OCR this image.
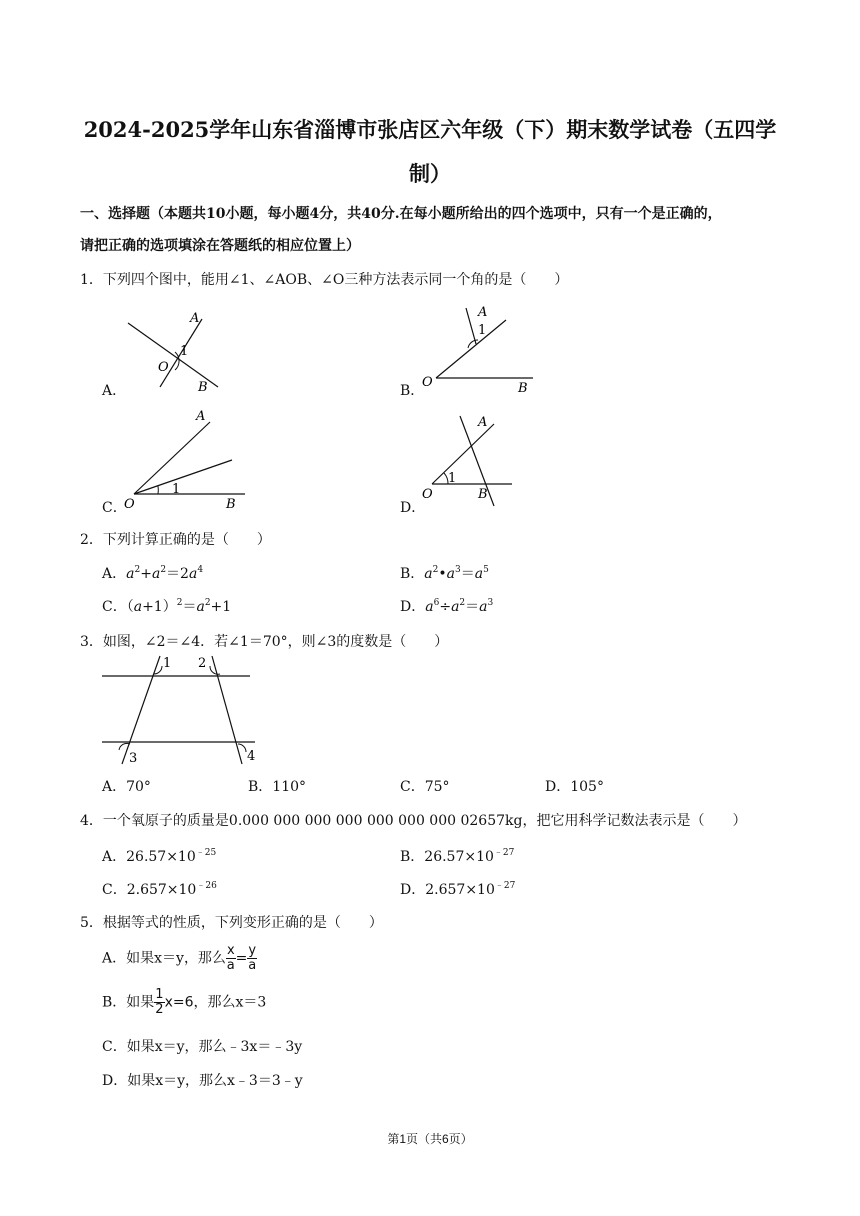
2024-2025学年山东省淄博市张店区六年级（下）期末数学试卷（五四学
制）
一、选择题（本题共10小题，每小题4分，共40分.在每小题所给出的四个选项中，只有一个是正确的，
请把正确的选项填涂在答题纸的相应位置上）
1．下列四个图中，能用∠1、∠AOB、∠O三种方法表示同一个角的是（　　）
A．
A
1
O
B	B．
A
1
O	B
C．
A
1
O	B	D．
A
1
O	B
2．下列计算正确的是（　　）
A．$a^2+a^2=2a^4$	B．$a^2•a^3=a^5$
C．$(a+1)^2=a^2+1$	D．$a^6\div a^2=a^3$
3．如图，∠2＝∠4．若∠1＝70°，则∠3的度数是（　　）
1 2
3	4
A．70°	B．110°	C．75°	D．105°
4．一个氧原子的质量是0.000 000 000 000 000 000 000 02657kg，把它用科学记数法表示是（　　）
A．$26.57\times 10^{﹣25}$	B．$26.57\times 10^{﹣27}$
C．$2.657\times 10^{﹣26}$	D．$2.657\times 10^{﹣27}$
5．根据等式的性质，下列变形正确的是（　　）
A．如果x＝y，那么 $\frac{x}{a} = \frac{y}{a}$
B．如果 $\frac{1}{2} x=6$，那么x＝3
C．如果x＝y，那么﹣3x＝﹣3y
D．如果x＝y，那么x﹣3＝3﹣y
第1页（共6页）
